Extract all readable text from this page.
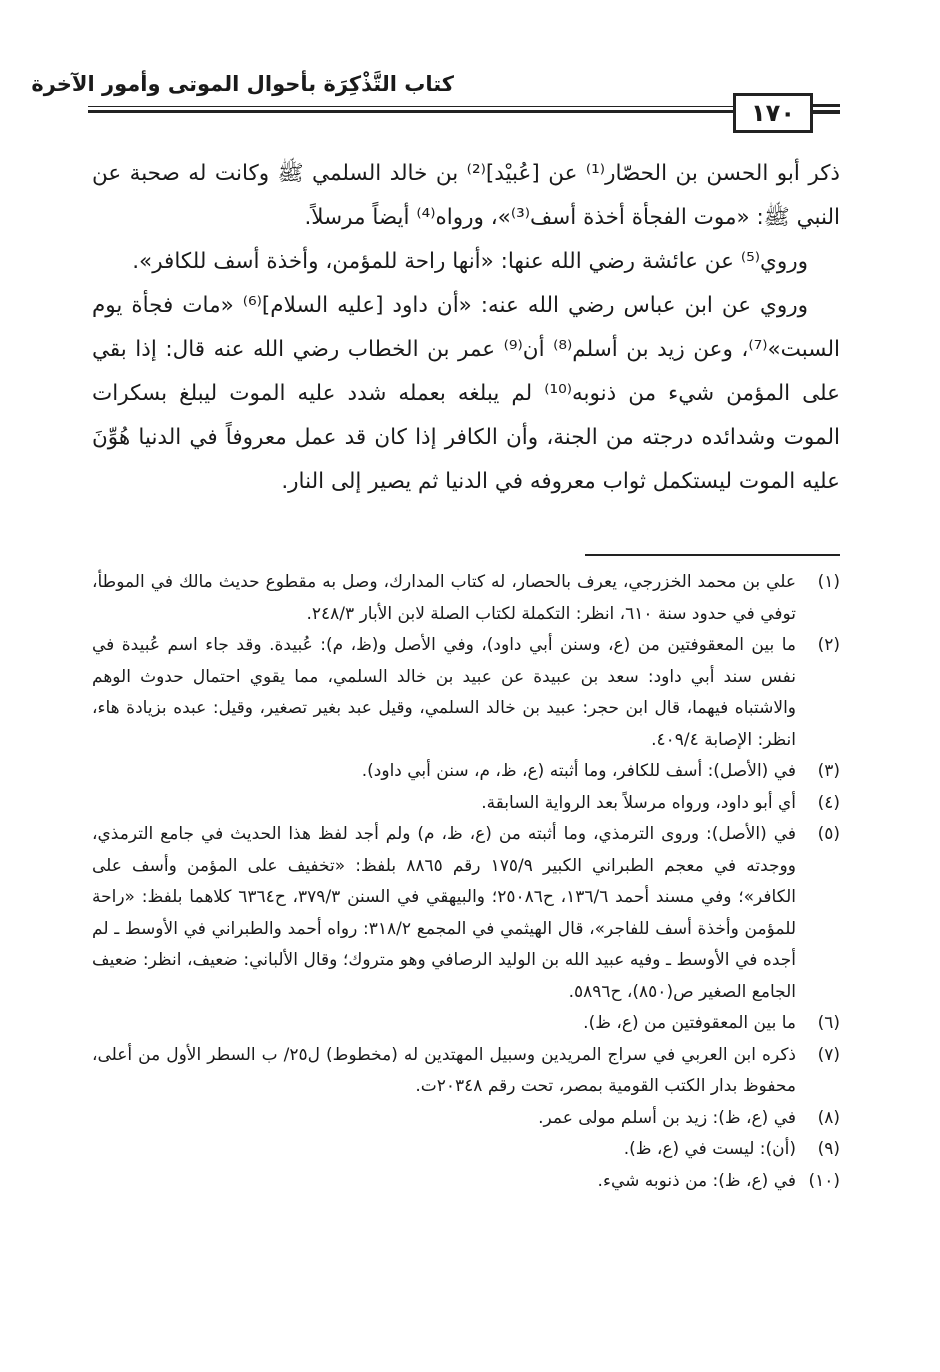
كتاب التَّذْكِرَة بأحوال الموتى وأمور الآخرة
١٧٠

ذكر أبو الحسن بن الحصّار⁽¹⁾ عن [عُبيْد]⁽²⁾ بن خالد السلمي ﷺ وكانت له صحبة عن النبي ﷺ: «موت الفجأة أخذة أسف⁽³⁾»، ورواه⁽⁴⁾ أيضاً مرسلاً.

وروي⁽⁵⁾ عن عائشة رضي الله عنها: «أنها راحة للمؤمن، وأخذة أسف للكافر».

وروي عن ابن عباس رضي الله عنه: «أن داود [عليه السلام]⁽⁶⁾ «مات فجأة يوم السبت»⁽⁷⁾، وعن زيد بن أسلم⁽⁸⁾ أن⁽⁹⁾ عمر بن الخطاب رضي الله عنه قال: إذا بقي على المؤمن شيء من ذنوبه⁽¹⁰⁾ لم يبلغه بعمله شدد عليه الموت ليبلغ بسكرات الموت وشدائده درجته من الجنة، وأن الكافر إذا كان قد عمل معروفاً في الدنيا هُوِّنَ عليه الموت ليستكمل ثواب معروفه في الدنيا ثم يصير إلى النار.

(١)
علي بن محمد الخزرجي، يعرف بالحصار، له كتاب المدارك، وصل به مقطوع حديث مالك في الموطأ، توفي في حدود سنة ٦١٠، انظر: التكملة لكتاب الصلة لابن الأبار ٢٤٨/٣.
(٢)
ما بين المعقوفتين من (ع، وسنن أبي داود)، وفي الأصل و(ظ، م): عُبيدة. وقد جاء اسم عُبيدة في نفس سند أبي داود: سعد بن عبيدة عن عبيد بن خالد السلمي، مما يقوي احتمال حدوث الوهم والاشتباه فيهما، قال ابن حجر: عبيد بن خالد السلمي، وقيل عبد بغير تصغير، وقيل: عبده بزيادة هاء، انظر: الإصابة ٤٠٩/٤.
(٣)
في (الأصل): أسف للكافر، وما أثبته (ع، ظ، م، سنن أبي داود).
(٤)
أي أبو داود، ورواه مرسلاً بعد الرواية السابقة.
(٥)
في (الأصل): وروى الترمذي، وما أثبته من (ع، ظ، م) ولم أجد لفظ هذا الحديث في جامع الترمذي، ووجدته في معجم الطبراني الكبير ١٧٥/٩ رقم ٨٨٦٥ بلفظ: «تخفيف على المؤمن وأسف على الكافر»؛ وفي مسند أحمد ١٣٦/٦، ح٢٥٠٨٦؛ والبيهقي في السنن ٣٧٩/٣، ح٦٣٦٤ كلاهما بلفظ: «راحة للمؤمن وأخذة أسف للفاجر»، قال الهيثمي في المجمع ٣١٨/٢: رواه أحمد والطبراني في الأوسط ـ لم أجده في الأوسط ـ وفيه عبيد الله بن الوليد الرصافي وهو متروك؛ وقال الألباني: ضعيف، انظر: ضعيف الجامع الصغير ص(٨٥٠)، ح٥٨٩٦.
(٦)
ما بين المعقوفتين من (ع، ظ).
(٧)
ذكره ابن العربي في سراج المريدين وسبيل المهتدين له (مخطوط) ل٢٥/ ب السطر الأول من أعلى، محفوظ بدار الكتب القومية بمصر، تحت رقم ٢٠٣٤٨ت.
(٨)
في (ع، ظ): زيد بن أسلم مولى عمر.
(٩)
(أن): ليست في (ع، ظ).
(١٠)
في (ع، ظ): من ذنوبه شيء.
